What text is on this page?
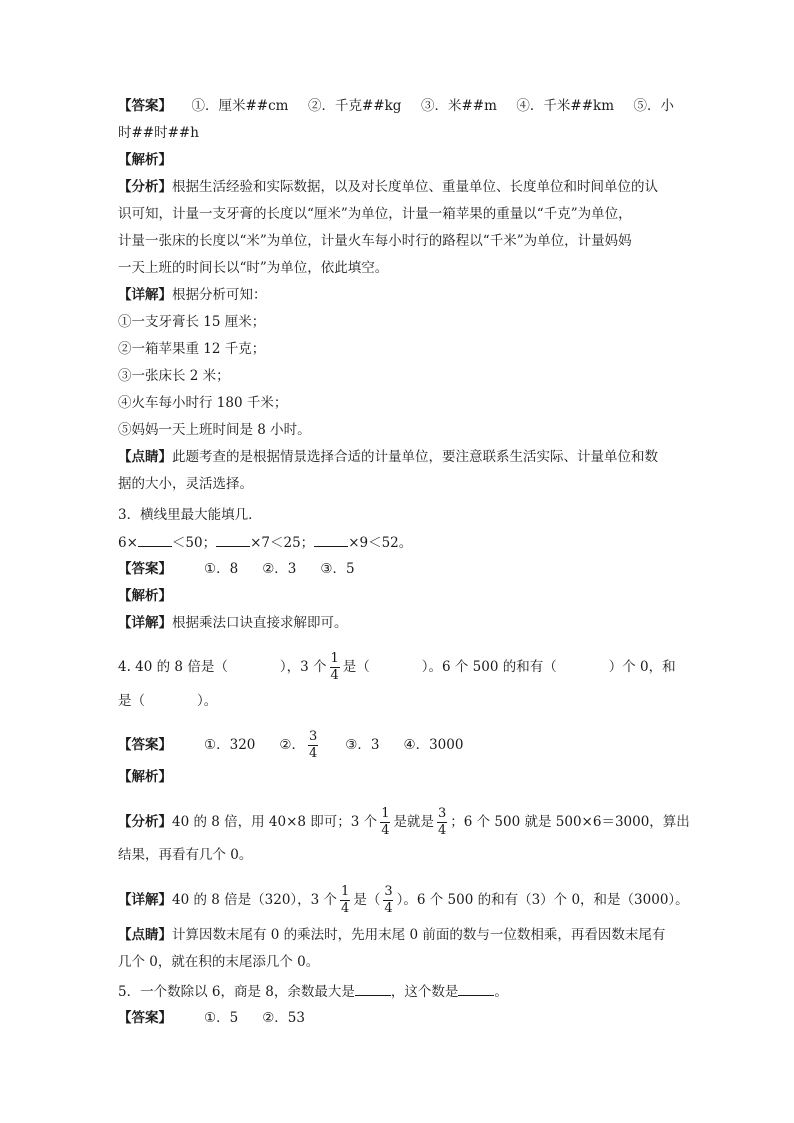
【答案】 ①．厘米##cm ②．千克##kg ③．米##m ④．千米##km ⑤．小
时##时##h
【解析】
【分析】根据生活经验和实际数据，以及对长度单位、重量单位、长度单位和时间单位的认
识可知，计量一支牙膏的长度以“厘米”为单位，计量一箱苹果的重量以“千克”为单位，
计量一张床的长度以“米”为单位，计量火车每小时行的路程以“千米”为单位，计量妈妈
一天上班的时间长以“时”为单位，依此填空。
【详解】根据分析可知：
①一支牙膏长 15 厘米；
②一箱苹果重 12 千克；
③一张床长 2 米；
④火车每小时行 180 千米；
⑤妈妈一天上班时间是 8 小时。
【点睛】此题考查的是根据情景选择合适的计量单位，要注意联系生活实际、计量单位和数
据的大小，灵活选择。
3．横线里最大能填几．
6×	＜50；	×7＜25；	×9＜52。
【答案】 ①．8 ②．3 ③．5
【解析】
【详解】根据乘法口诀直接求解即可。
4. 40 的 8 倍是（	），3 个 $\frac{1}{4}$ 是（	）。6 个 500 的和有（	）个 0，和
是（	）。
【答案】 ①．320 ②． $\frac{3}{4}$ ③．3 ④．3000
【解析】
【分析】40 的 8 倍，用 40×8 即可；3 个 $\frac{1}{4}$ 是就是 $\frac{3}{4}$ ；6 个 500 就是 500×6＝3000，算出
结果，再看有几个 0。
【详解】40 的 8 倍是（320），3 个 $\frac{1}{4}$ 是（ $\frac{3}{4}$ ）。6 个 500 的和有（3）个 0，和是（3000）。
【点睛】计算因数末尾有 0 的乘法时，先用末尾 0 前面的数与一位数相乘，再看因数末尾有
几个 0，就在积的末尾添几个 0。
5．一个数除以 6，商是 8，余数最大是	，这个数是	。
【答案】 ①．5 ②．53
